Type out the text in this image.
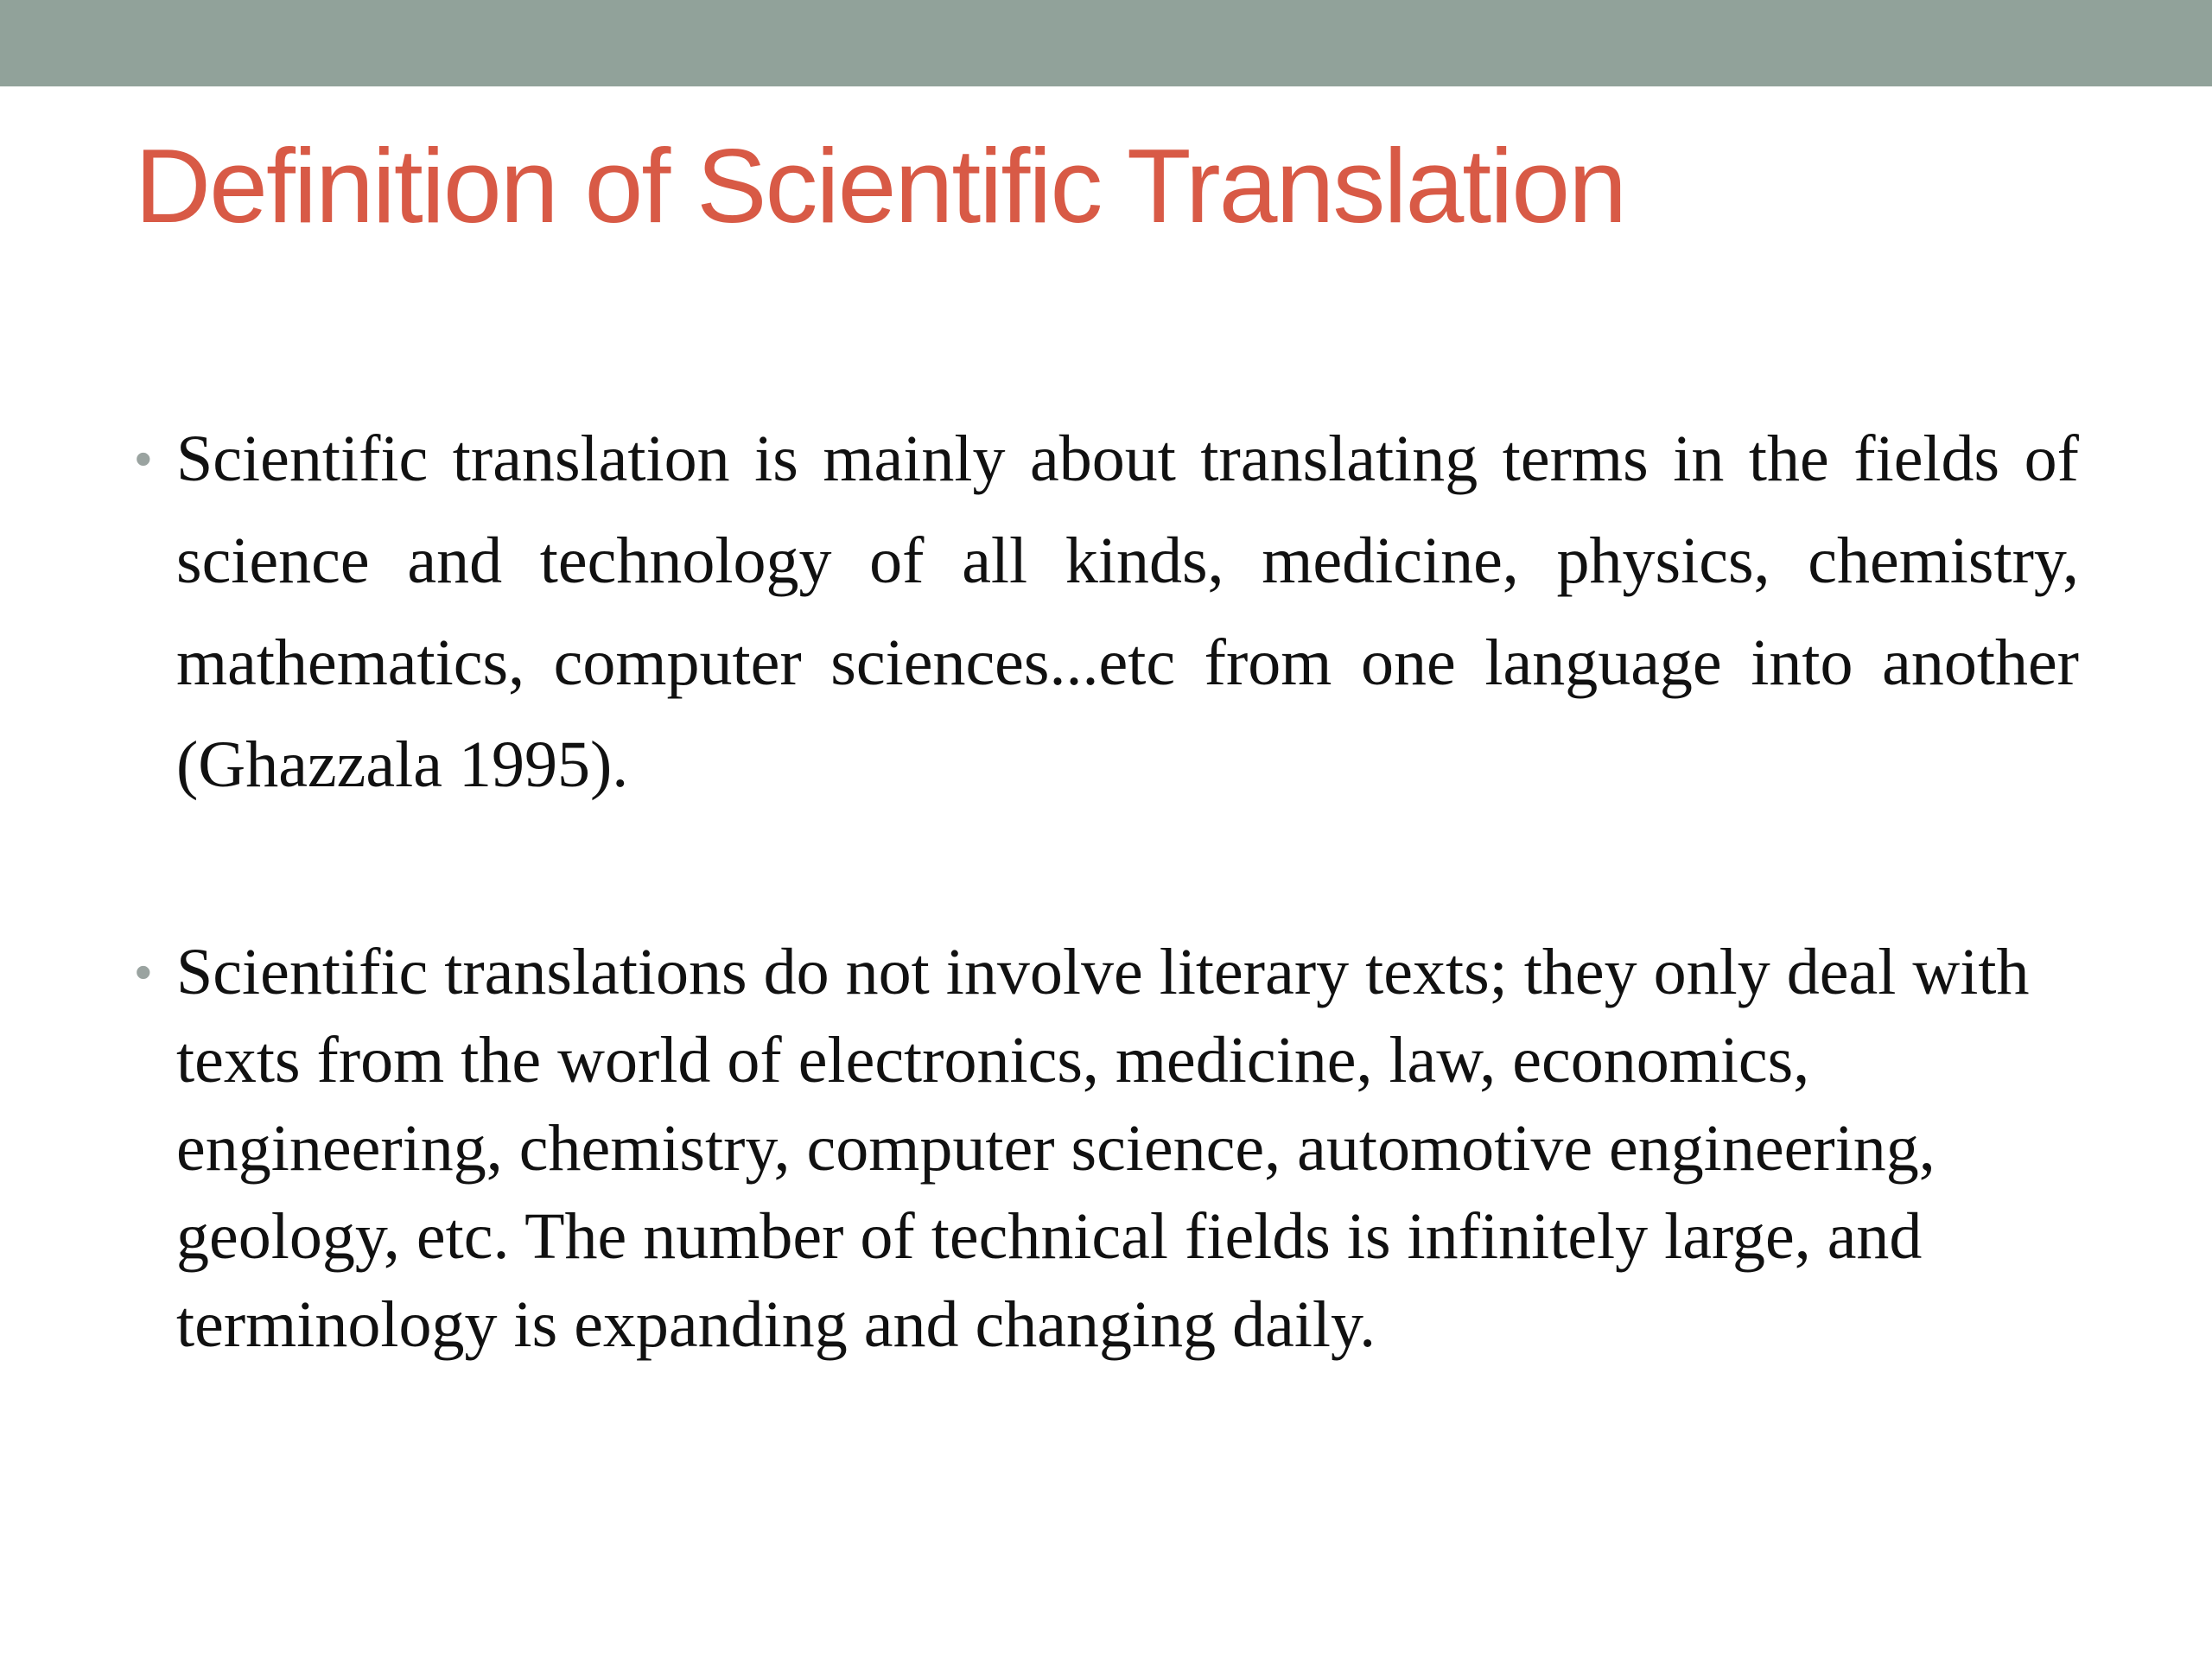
Definition of Scientific Translation
• Scientific translation is mainly about translating terms in the fields of science and technology of all kinds, medicine, physics, chemistry, mathematics, computer sciences...etc from one language into another (Ghazzala 1995).
• Scientific translations do not involve literary texts; they only deal with texts from the world of electronics, medicine, law, economics, engineering, chemistry, computer science, automotive engineering, geology, etc. The number of technical fields is infinitely large, and terminology is expanding and changing daily.
